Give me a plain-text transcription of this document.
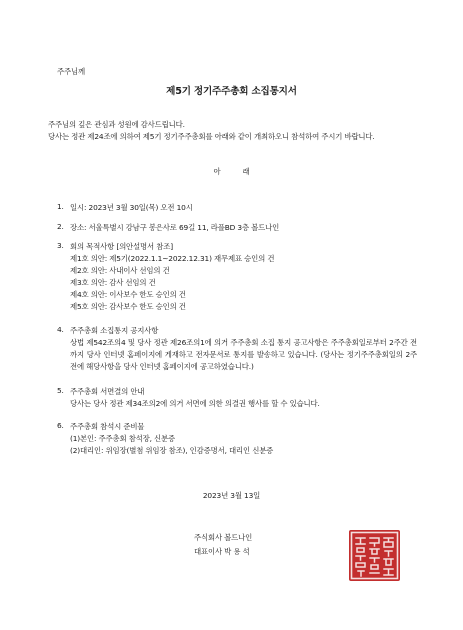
주주님께
제5기 정기주주총회 소집통지서
주주님의 깊은 관심과 성원에 감사드립니다.
당사는 정관 제24조에 의하여 제5기 정기주주총회를 아래와 같이 개최하오니 참석하여 주시기 바랍니다.
아          래
1. 일시: 2023년 3월 30일(목) 오전 10시
2. 장소: 서울특별시 강남구 봉은사로 69길 11, 라플BD 3층 볼드나인
3. 회의 목적사항 [의안설명서 참조]
제1호 의안: 제5기(2022.1.1~2022.12.31) 재무제표 승인의 건
제2호 의안: 사내이사 선임의 건
제3호 의안: 감사 선임의 건
제4호 의안: 이사보수 한도 승인의 건
제5호 의안: 감사보수 한도 승인의 건
4. 주주총회 소집통지 공지사항
상법 제542조의4 및 당사 정관 제26조의1에 의거 주주총회 소집 통지 공고사항은 주주총회일로부터 2주간 전까지 당사 인터넷 홈페이지에 게재하고 전자문서로 통지를 발송하고 있습니다. (당사는 정기주주총회일의 2주 전에 해당사항을 당사 인터넷 홈페이지에 공고하였습니다.)
5. 주주총회 서면결의 안내
당사는 당사 정관 제34조의2에 의거 서면에 의한 의결권 행사를 할 수 있습니다.
6. 주주총회 참석시 준비물
(1)본인: 주주총회 참석장, 신분증
(2)대리인: 위임장(별첨 위임장 참조), 인감증명서, 대리인 신분증
2023년 3월 13일
주식회사 볼드나인
대표이사 박 용 석
